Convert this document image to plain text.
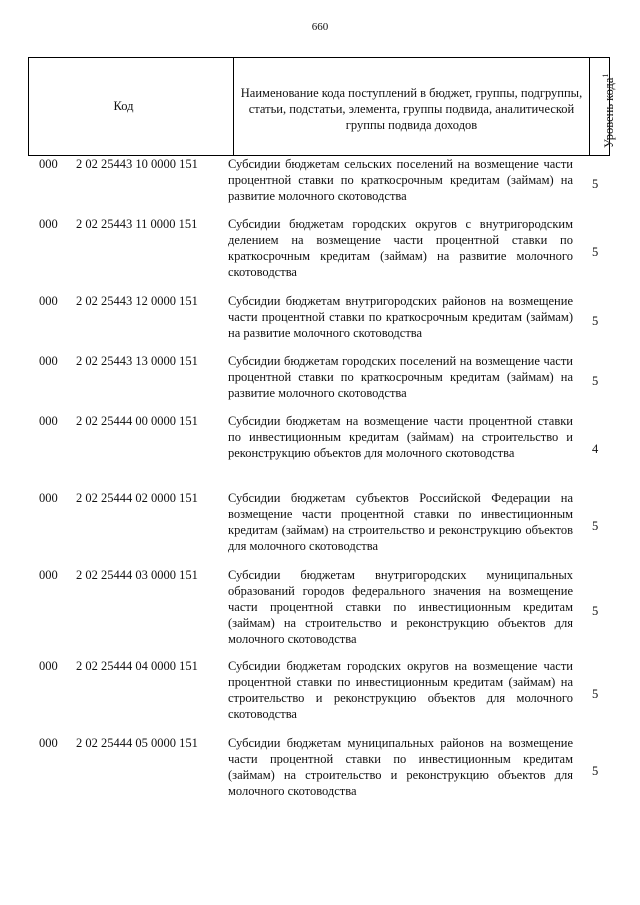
660
Код
Наименование кода поступлений в бюджет, группы, подгруппы, статьи, подстатьи, элемента, группы подвида, аналитической группы подвида доходов	Уровень кода$^1$
000 2 02 25443 10 0000 151 Субсидии бюджетам сельских поселений на возмещение части процентной ставки по краткосрочным кредитам (займам) на развитие молочного скотоводства
5
000 2 02 25443 11 0000 151 Субсидии бюджетам городских округов с внутригородским делением на возмещение части процентной ставки по краткосрочным кредитам (займам) на развитие молочного скотоводства
5
000 2 02 25443 12 0000 151 Субсидии бюджетам внутригородских районов на возмещение части процентной ставки по краткосрочным кредитам (займам) на развитие молочного скотоводства
5
000 2 02 25443 13 0000 151 Субсидии бюджетам городских поселений на возмещение части процентной ставки по краткосрочным кредитам (займам) на развитие молочного скотоводства
5
000 2 02 25444 00 0000 151 Субсидии бюджетам на возмещение части процентной ставки по инвестиционным кредитам (займам) на строительство и реконструкцию объектов для молочного скотоводства	4
000 2 02 25444 02 0000 151 Субсидии бюджетам субъектов Российской Федерации на возмещение части процентной ставки по инвестиционным кредитам (займам) на строительство и реконструкцию объектов для молочного скотоводства
5
000 2 02 25444 03 0000 151 Субсидии бюджетам внутригородских муниципальных образований городов федерального значения на возмещение части процентной ставки по инвестиционным кредитам (займам) на строительство и реконструкцию объектов для молочного скотоводства
5
000 2 02 25444 04 0000 151 Субсидии бюджетам городских округов на возмещение части процентной ставки по инвестиционным кредитам (займам) на строительство и реконструкцию объектов для молочного скотоводства
5
000 2 02 25444 05 0000 151 Субсидии бюджетам муниципальных районов на возмещение части процентной ставки по инвестиционным кредитам (займам) на строительство и реконструкцию объектов для молочного скотоводства
5
